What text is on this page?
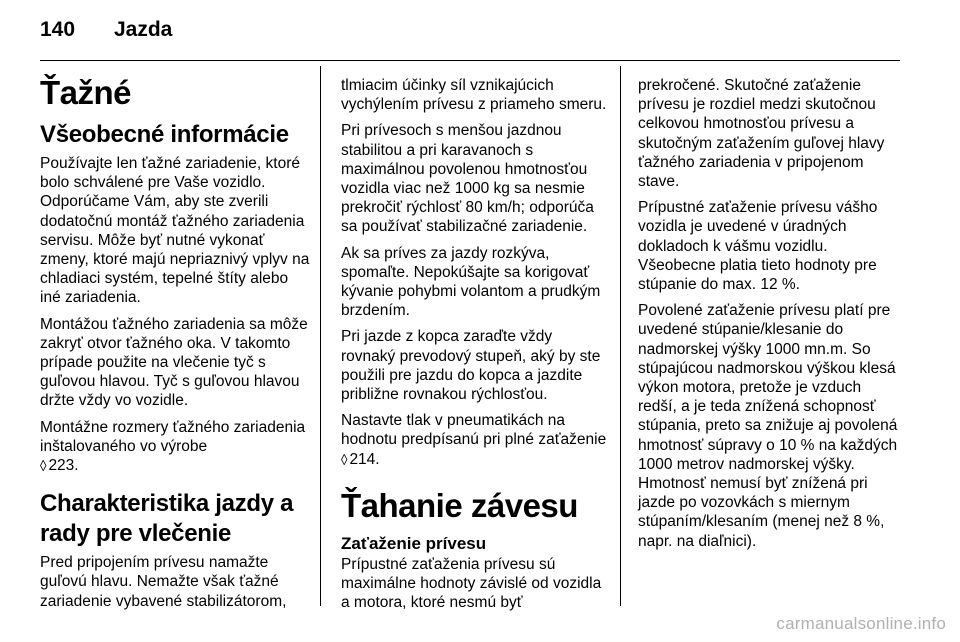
140	Jazda
Ťažné
Všeobecné informácie

Používajte len ťažné zariadenie, ktoré bolo schválené pre Vaše vozidlo. Odporúčame Vám, aby ste zverili dodatočnú montáž ťažného zariadenia servisu. Môže byť nutné vykonať zmeny, ktoré majú nepriaznivý vplyv na chladiaci systém, tepelné štíty alebo iné zariadenia.

Montážou ťažného zariadenia sa môže zakryť otvor ťažného oka. V takomto prípade použite na vlečenie tyč s guľovou hlavou. Tyč s guľovou hlavou držte vždy vo vozidle.

Montážne rozmery ťažného zariadenia inštalovaného vo výrobe
◊ 223.

Charakteristika jazdy a rady pre vlečenie

Pred pripojením prívesu namažte guľovú hlavu. Nemažte však ťažné zariadenie vybavené stabilizátorom,

tlmiacim účinky síl vznikajúcich vychýlením prívesu z priameho smeru.

Pri prívesoch s menšou jazdnou stabilitou a pri karavanoch s maximálnou povolenou hmotnosťou vozidla viac než 1000 kg sa nesmie prekročiť rýchlosť 80 km/h; odporúča sa používať stabilizačné zariadenie.

Ak sa príves za jazdy rozkýva, spomaľte. Nepokúšajte sa korigovať kývanie pohybmi volantom a prudkým brzdením.

Pri jazde z kopca zaraďte vždy rovnaký prevodový stupeň, aký by ste použili pre jazdu do kopca a jazdite približne rovnakou rýchlosťou.

Nastavte tlak v pneumatikách na hodnotu predpísanú pri plné zaťaženie ◊ 214.

Ťahanie závesu
Zaťaženie prívesu

Prípustné zaťaženia prívesu sú maximálne hodnoty závislé od vozidla a motora, ktoré nesmú byť

prekročené. Skutočné zaťaženie prívesu je rozdiel medzi skutočnou celkovou hmotnosťou prívesu a skutočným zaťažením guľovej hlavy ťažného zariadenia v pripojenom stave.

Prípustné zaťaženie prívesu vášho vozidla je uvedené v úradných dokladoch k vášmu vozidlu. Všeobecne platia tieto hodnoty pre stúpanie do max. 12 %.

Povolené zaťaženie prívesu platí pre uvedené stúpanie/klesanie do nadmorskej výšky 1000 mn.m. So stúpajúcou nadmorskou výškou klesá výkon motora, pretože je vzduch redší, a je teda znížená schopnosť stúpania, preto sa znižuje aj povolená hmotnosť súpravy o 10 % na každých 1000 metrov nadmorskej výšky. Hmotnosť nemusí byť znížená pri jazde po vozovkách s miernym stúpaním/klesaním (menej než 8 %, napr. na diaľnici).

carmanualsonline.info
